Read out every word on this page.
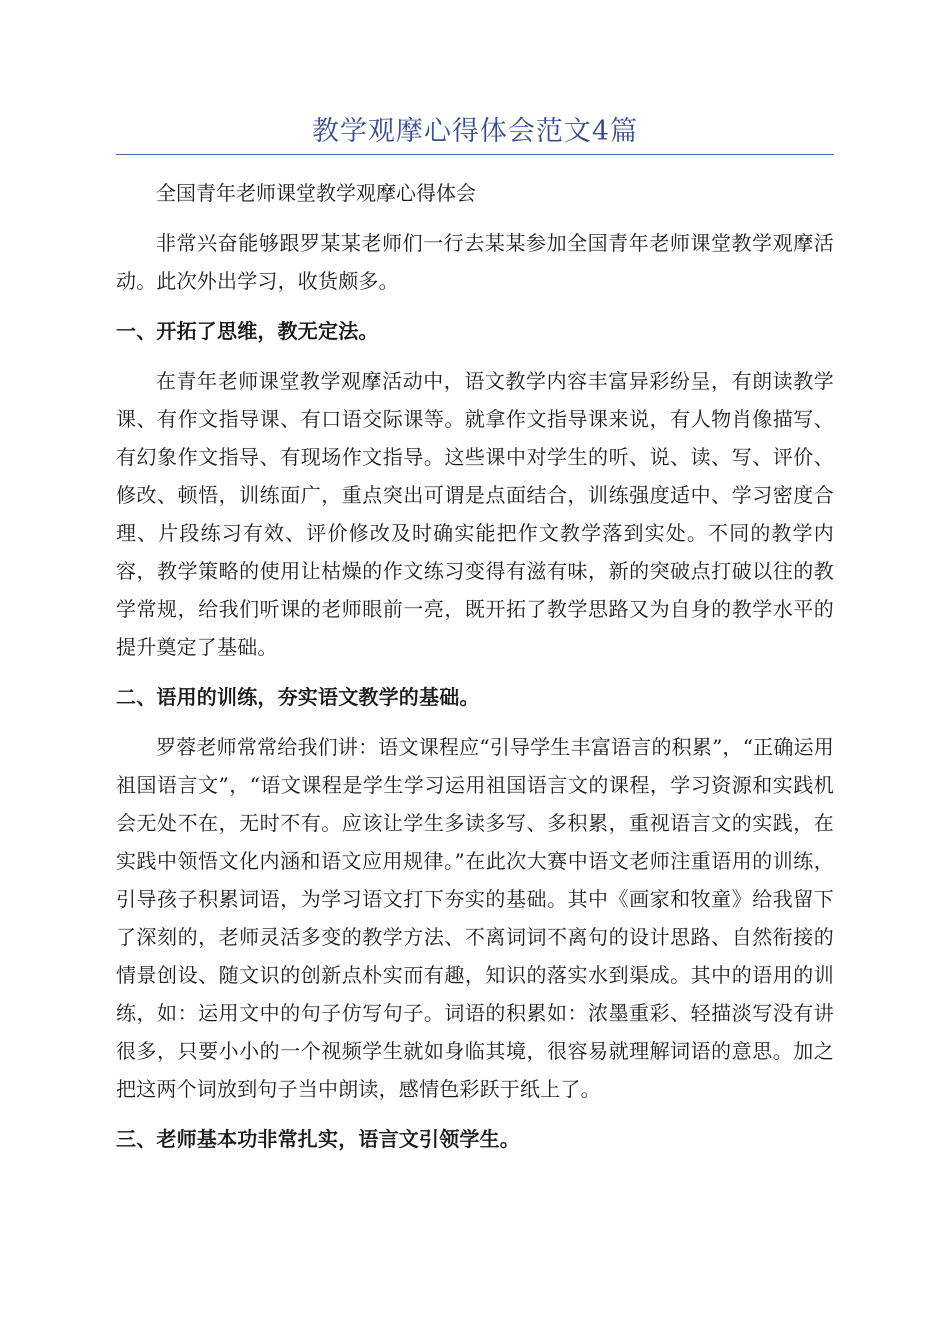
教学观摩心得体会范文4篇

全国青年老师课堂教学观摩心得体会

非常兴奋能够跟罗某某老师们一行去某某参加全国青年老师课堂教学观摩活动。此次外出学习，收货颇多。

一、开拓了思维，教无定法。

在青年老师课堂教学观摩活动中，语文教学内容丰富异彩纷呈，有朗读教学课、有作文指导课、有口语交际课等。就拿作文指导课来说，有人物肖像描写、有幻象作文指导、有现场作文指导。这些课中对学生的听、说、读、写、评价、修改、顿悟，训练面广，重点突出可谓是点面结合，训练强度适中、学习密度合理、片段练习有效、评价修改及时确实能把作文教学落到实处。不同的教学内容，教学策略的使用让枯燥的作文练习变得有滋有味，新的突破点打破以往的教学常规，给我们听课的老师眼前一亮，既开拓了教学思路又为自身的教学水平的提升奠定了基础。

二、语用的训练，夯实语文教学的基础。

罗蓉老师常常给我们讲：语文课程应“引导学生丰富语言的积累”，“正确运用祖国语言文”，“语文课程是学生学习运用祖国语言文的课程，学习资源和实践机会无处不在，无时不有。应该让学生多读多写、多积累，重视语言文的实践，在实践中领悟文化内涵和语文应用规律。”在此次大赛中语文老师注重语用的训练，引导孩子积累词语，为学习语文打下夯实的基础。其中《画家和牧童》给我留下了深刻的，老师灵活多变的教学方法、不离词词不离句的设计思路、自然衔接的情景创设、随文识的创新点朴实而有趣，知识的落实水到渠成。其中的语用的训练，如：运用文中的句子仿写句子。词语的积累如：浓墨重彩、轻描淡写没有讲很多，只要小小的一个视频学生就如身临其境，很容易就理解词语的意思。加之把这两个词放到句子当中朗读，感情色彩跃于纸上了。

三、老师基本功非常扎实，语言文引领学生。
